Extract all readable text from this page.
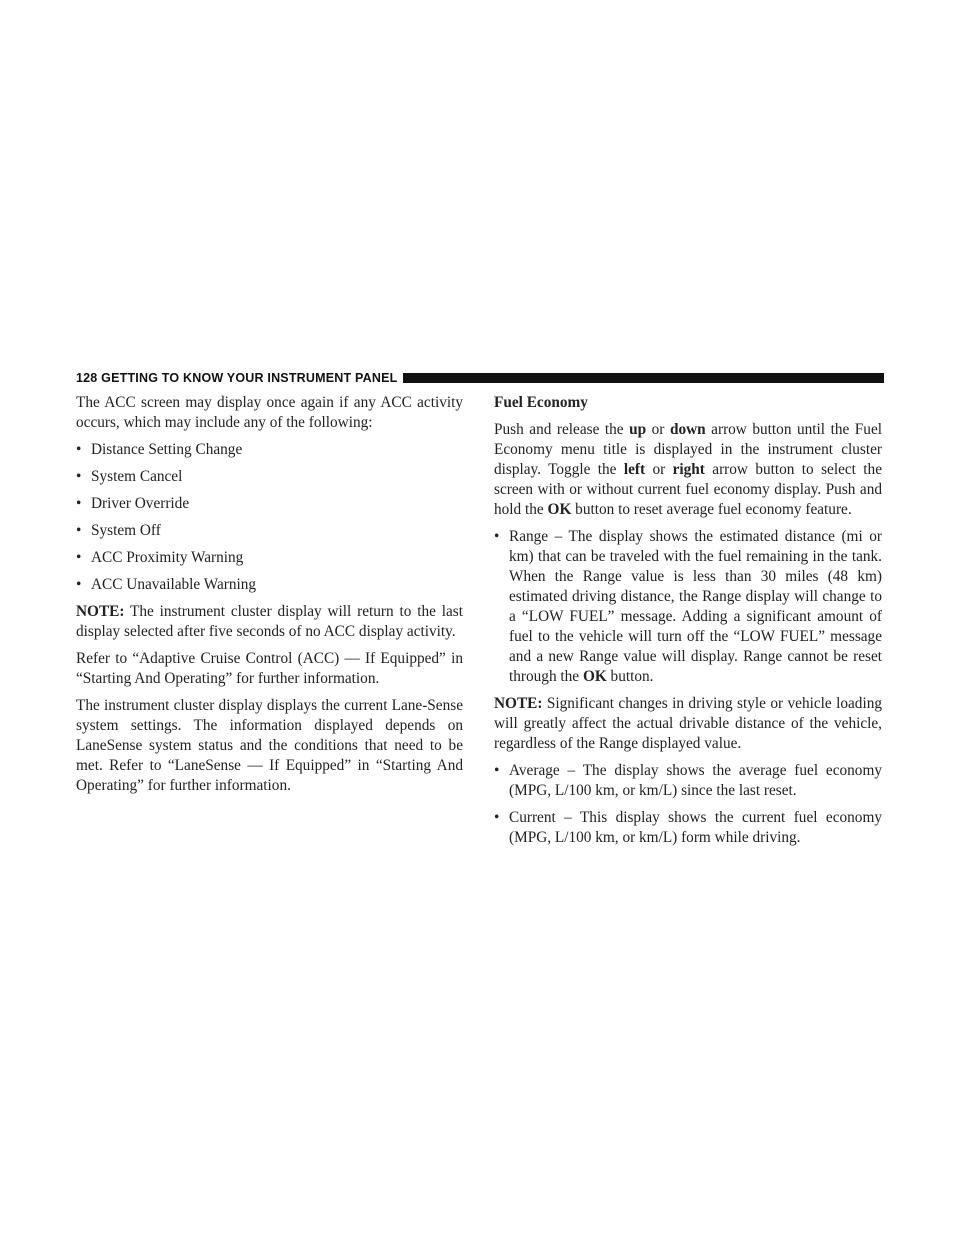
128 GETTING TO KNOW YOUR INSTRUMENT PANEL

The ACC screen may display once again if any ACC activity occurs, which may include any of the following:

• Distance Setting Change
• System Cancel
• Driver Override
• System Off
• ACC Proximity Warning
• ACC Unavailable Warning

NOTE: The instrument cluster display will return to the last display selected after five seconds of no ACC display activity.

Refer to “Adaptive Cruise Control (ACC) — If Equipped” in “Starting And Operating” for further information.

The instrument cluster display displays the current Lane-Sense system settings. The information displayed depends on LaneSense system status and the conditions that need to be met. Refer to “LaneSense — If Equipped” in “Starting And Operating” for further information.

Fuel Economy

Push and release the up or down arrow button until the Fuel Economy menu title is displayed in the instrument cluster display. Toggle the left or right arrow button to select the screen with or without current fuel economy display. Push and hold the OK button to reset average fuel economy feature.

• Range – The display shows the estimated distance (mi or km) that can be traveled with the fuel remaining in the tank. When the Range value is less than 30 miles (48 km) estimated driving distance, the Range display will change to a “LOW FUEL” message. Adding a significant amount of fuel to the vehicle will turn off the “LOW FUEL” message and a new Range value will display. Range cannot be reset through the OK button.

NOTE: Significant changes in driving style or vehicle loading will greatly affect the actual drivable distance of the vehicle, regardless of the Range displayed value.

• Average – The display shows the average fuel economy (MPG, L/100 km, or km/L) since the last reset.
• Current – This display shows the current fuel economy (MPG, L/100 km, or km/L) form while driving.
